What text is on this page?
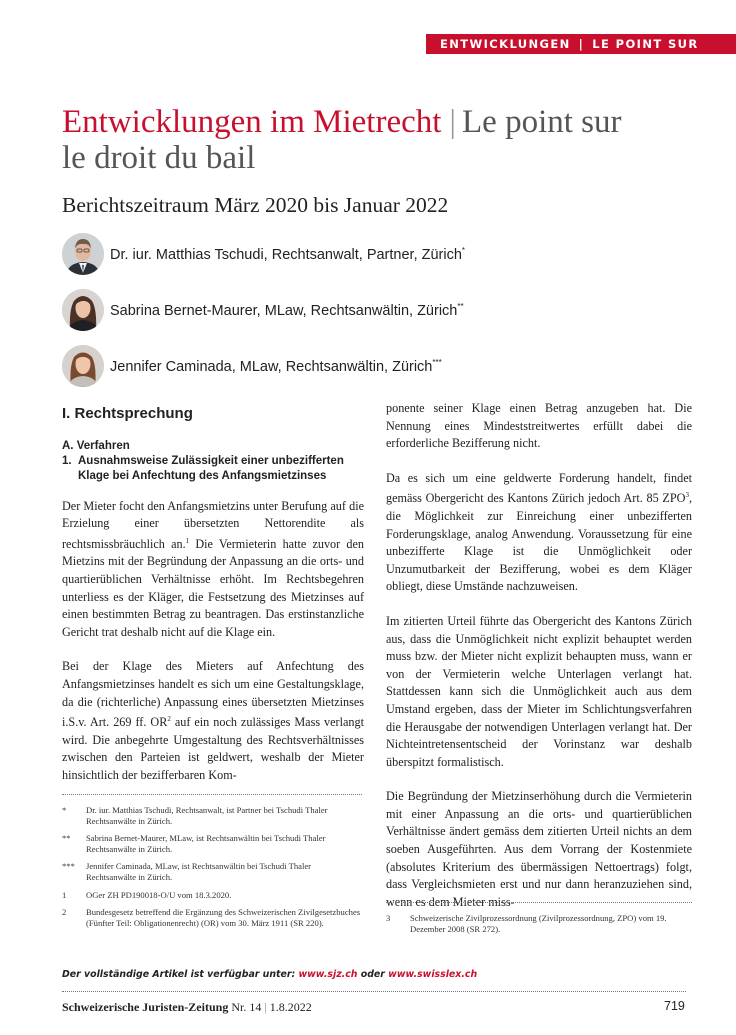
ENTWICKLUNGEN | LE POINT SUR
Entwicklungen im Mietrecht | Le point sur
le droit du bail
Berichtszeitraum März 2020 bis Januar 2022
Dr. iur. Matthias Tschudi, Rechtsanwalt, Partner, Zürich*
Sabrina Bernet-Maurer, MLaw, Rechtsanwältin, Zürich**
Jennifer Caminada, MLaw, Rechtsanwältin, Zürich***
I. Rechtsprechung
A. Verfahren
1. Ausnahmsweise Zulässigkeit einer unbezifferten Klage bei Anfechtung des Anfangsmietzinses

Der Mieter focht den Anfangsmietzins unter Berufung auf die Erzielung einer übersetzten Nettorendite als rechtsmissbräuchlich an.$^1$ Die Vermieterin hatte zuvor den Mietzins mit der Begründung der Anpassung an die orts- und quartierüblichen Verhältnisse erhöht. Im Rechtsbegehren unterliess es der Kläger, die Festsetzung des Mietzinses auf einen bestimmten Betrag zu beantragen. Das erstinstanzliche Gericht trat deshalb nicht auf die Klage ein.

Bei der Klage des Mieters auf Anfechtung des Anfangsmietzinses handelt es sich um eine Gestaltungsklage, da die (richterliche) Anpassung eines übersetzten Mietzinses i.S.v. Art. 269 ff. $OR^2$ auf ein noch zulässiges Mass verlangt wird. Die anbegehrte Umgestaltung des Rechtsverhältnisses zwischen den Parteien ist geldwert, weshalb der Mieter hinsichtlich der bezifferbaren Kom-

ponente seiner Klage einen Betrag anzugeben hat. Die Nennung eines Mindeststreitwertes erfüllt dabei die erforderliche Bezifferung nicht.

Da es sich um eine geldwerte Forderung handelt, findet gemäss Obergericht des Kantons Zürich jedoch Art. 85 ZPO$^3$, die Möglichkeit zur Einreichung einer unbezifferten Forderungsklage, analog Anwendung. Voraussetzung für eine unbezifferte Klage ist die Unmöglichkeit oder Unzumutbarkeit der Bezifferung, wobei es dem Kläger obliegt, diese Umstände nachzuweisen.

Im zitierten Urteil führte das Obergericht des Kantons Zürich aus, dass die Unmöglichkeit nicht explizit behauptet werden muss bzw. der Mieter nicht explizit behaupten muss, wann er von der Vermieterin welche Unterlagen verlangt hat. Stattdessen kann sich die Unmöglichkeit auch aus dem Umstand ergeben, dass der Mieter im Schlichtungsverfahren die Herausgabe der notwendigen Unterlagen verlangt hat. Der Nichteintretensentscheid der Vorinstanz war deshalb überspitzt formalistisch.

Die Begründung der Mietzinserhöhung durch die Vermieterin mit einer Anpassung an die orts- und quartierüblichen Verhältnisse ändert gemäss dem zitierten Urteil nichts an dem soeben Ausgeführten. Aus dem Vorrang der Kostenmiete (absolutes Kriterium des übermässigen Nettoertrags) folgt, dass Vergleichsmieten erst und nur dann heranzuziehen sind, wenn es dem Mieter miss-

*	Dr. iur. Matthias Tschudi, Rechtsanwalt, ist Partner bei Tschudi Thaler Rechtsanwälte in Zürich.
**	Sabrina Bernet-Maurer, MLaw, ist Rechtsanwältin bei Tschudi Thaler Rechtsanwälte in Zürich.
***	Jennifer Caminada, MLaw, ist Rechtsanwältin bei Tschudi Thaler Rechtsanwälte in Zürich.
1	OGer ZH PD190018-O/U vom 18.3.2020.
2	Bundesgesetz betreffend die Ergänzung des Schweizerischen Zivilgesetzbuches (Fünfter Teil: Obligationenrecht) (OR) vom 30. März 1911 (SR 220).	3	Schweizerische Zivilprozessordnung (Zivilprozessordnung, ZPO) vom 19. Dezember 2008 (SR 272).
Der vollständige Artikel ist verfügbar unter: www.sjz.ch oder www.swisslex.ch
Schweizerische Juristen-Zeitung Nr. 14 | 1.8.2022	719
